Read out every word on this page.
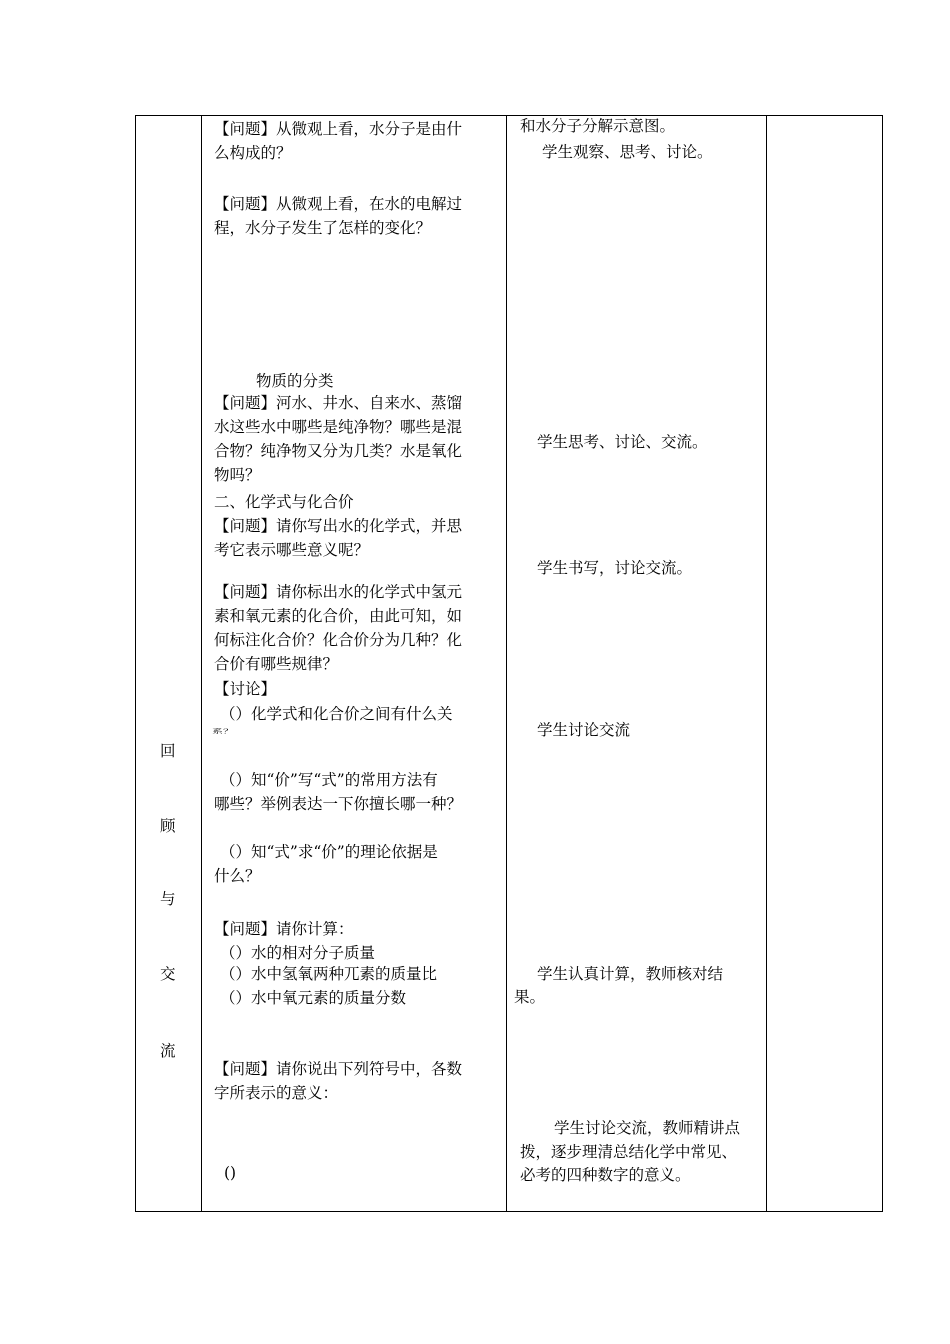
回
顾
与
交
流
【问题】从微观上看，水分子是由什
么构成的？
【问题】从微观上看，在水的电解过
程，水分子发生了怎样的变化？
物质的分类
【问题】河水、井水、自来水、蒸馏
水这些水中哪些是纯净物？哪些是混
合物？纯净物又分为几类？水是氧化
物吗？
二、化学式与化合价
【问题】请你写出水的化学式，并思
考它表示哪些意义呢？
【问题】请你标出水的化学式中氢元
素和氧元素的化合价，由此可知，如
何标注化合价？化合价分为几种？化
合价有哪些规律？
【讨论】
（）化学式和化合价之间有什么关
系？
（）知“价”写“式”的常用方法有
哪些？举例表达一下你擅长哪一种？
（）知“式”求“价”的理论依据是
什么？
【问题】请你计算：
（）水的相对分子质量
（）水中氢氧两种兀素的质量比
（）水中氧元素的质量分数
【问题】请你说出下列符号中，各数
字所表示的意义：
()
和水分子分解示意图。
学生观察、思考、讨论。
学生思考、讨论、交流。
学生书写，讨论交流。
学生讨论交流
学生认真计算，教师核对结
果。
学生讨论交流，教师精讲点
拨，逐步理清总结化学中常见、
必考的四种数字的意义。
